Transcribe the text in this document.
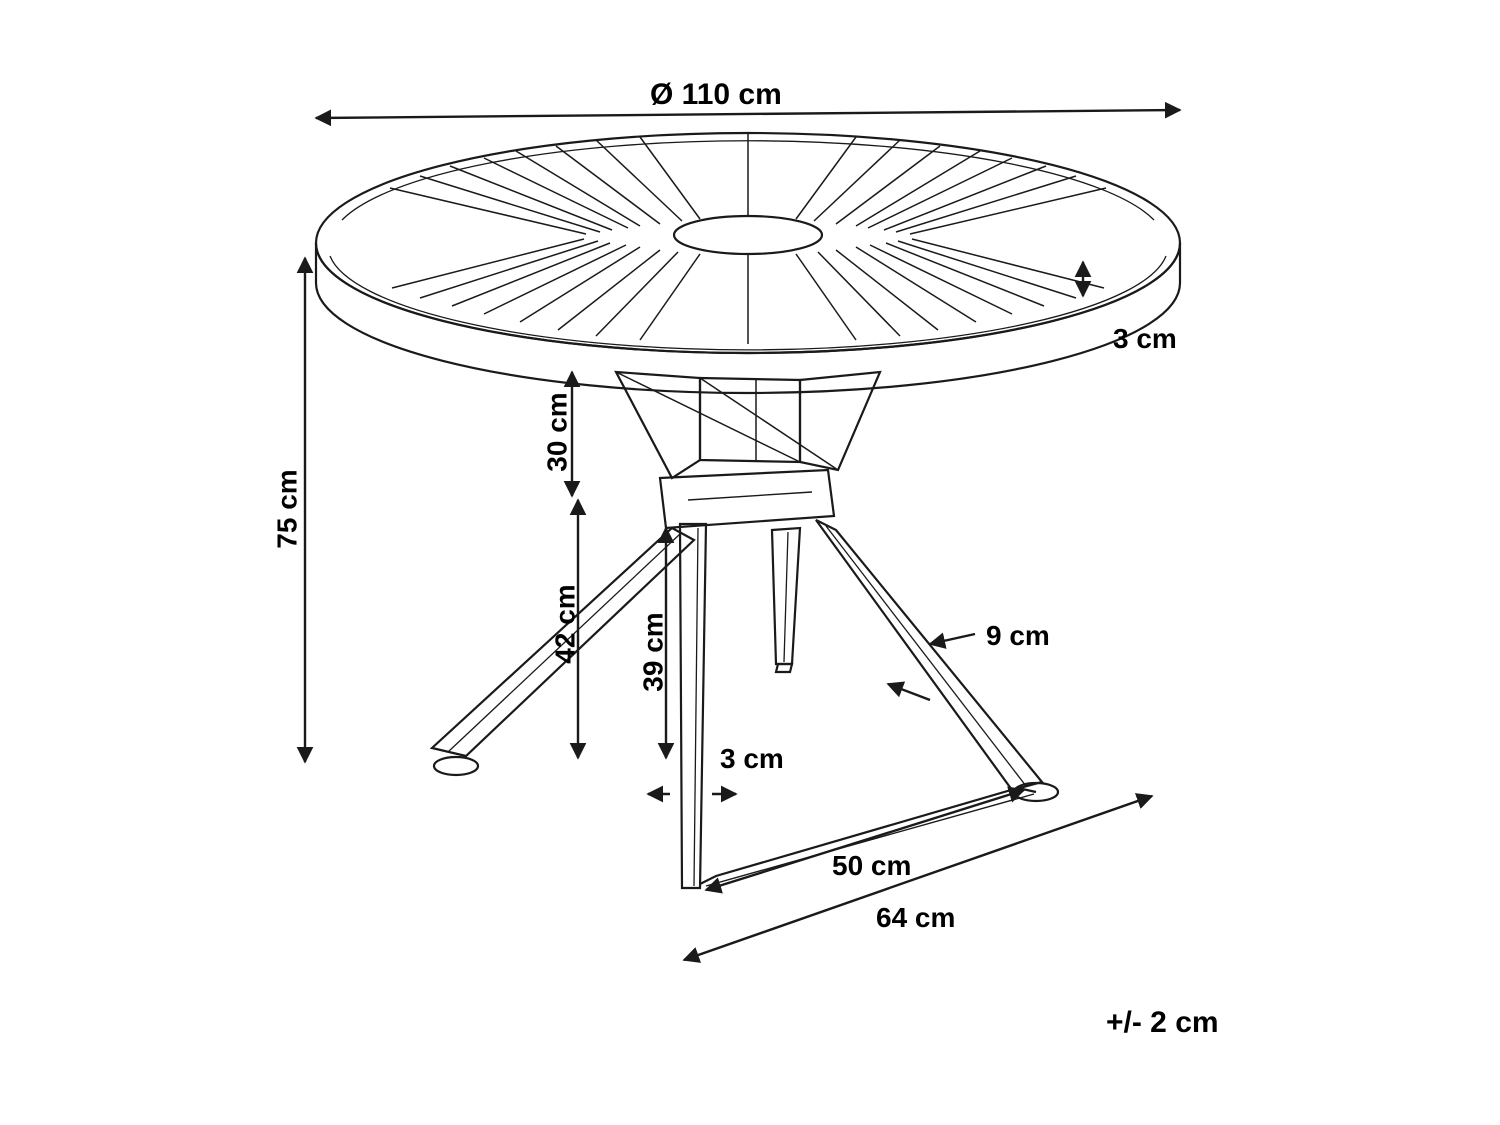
Ø 110 cm
3 cm
75 cm
30 cm
42 cm 39 cm
3 cm
9 cm
50 cm
64 cm
+/- 2 cm
